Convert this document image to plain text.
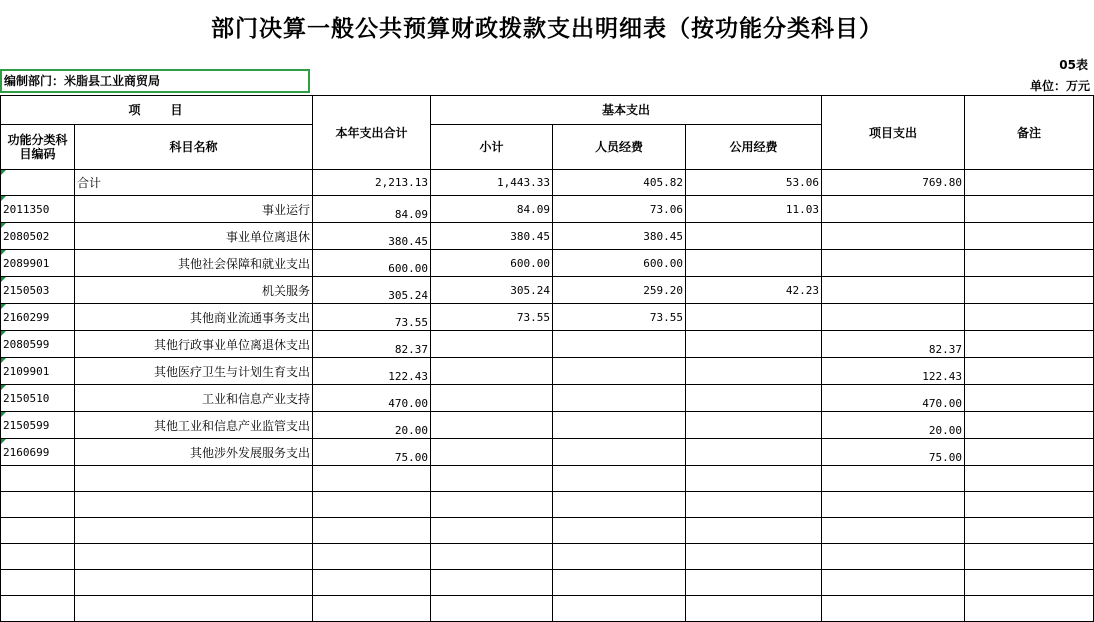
部门决算一般公共预算财政拨款支出明细表（按功能分类科目）
05表
编制部门：米脂县工业商贸局	单位：万元
项　　目		本年支出合计	基本支出			项目支出	备注
功能分类科目编码	科目名称		小计	人员经费	公用经费		
	合计	2,213.13	1,443.33	405.82	53.06	769.80	
2011350	事业运行	84.09	84.09	73.06	11.03		
2080502	事业单位离退休	380.45	380.45	380.45			
2089901	其他社会保障和就业支出	600.00	600.00	600.00			
2150503	机关服务	305.24	305.24	259.20	42.23		
2160299	其他商业流通事务支出	73.55	73.55	73.55			
2080599	其他行政事业单位离退休支出	82.37				82.37	
2109901	其他医疗卫生与计划生育支出	122.43				122.43	
2150510	工业和信息产业支持	470.00				470.00	
2150599	其他工业和信息产业监管支出	20.00				20.00	
2160699	其他涉外发展服务支出	75.00				75.00	
